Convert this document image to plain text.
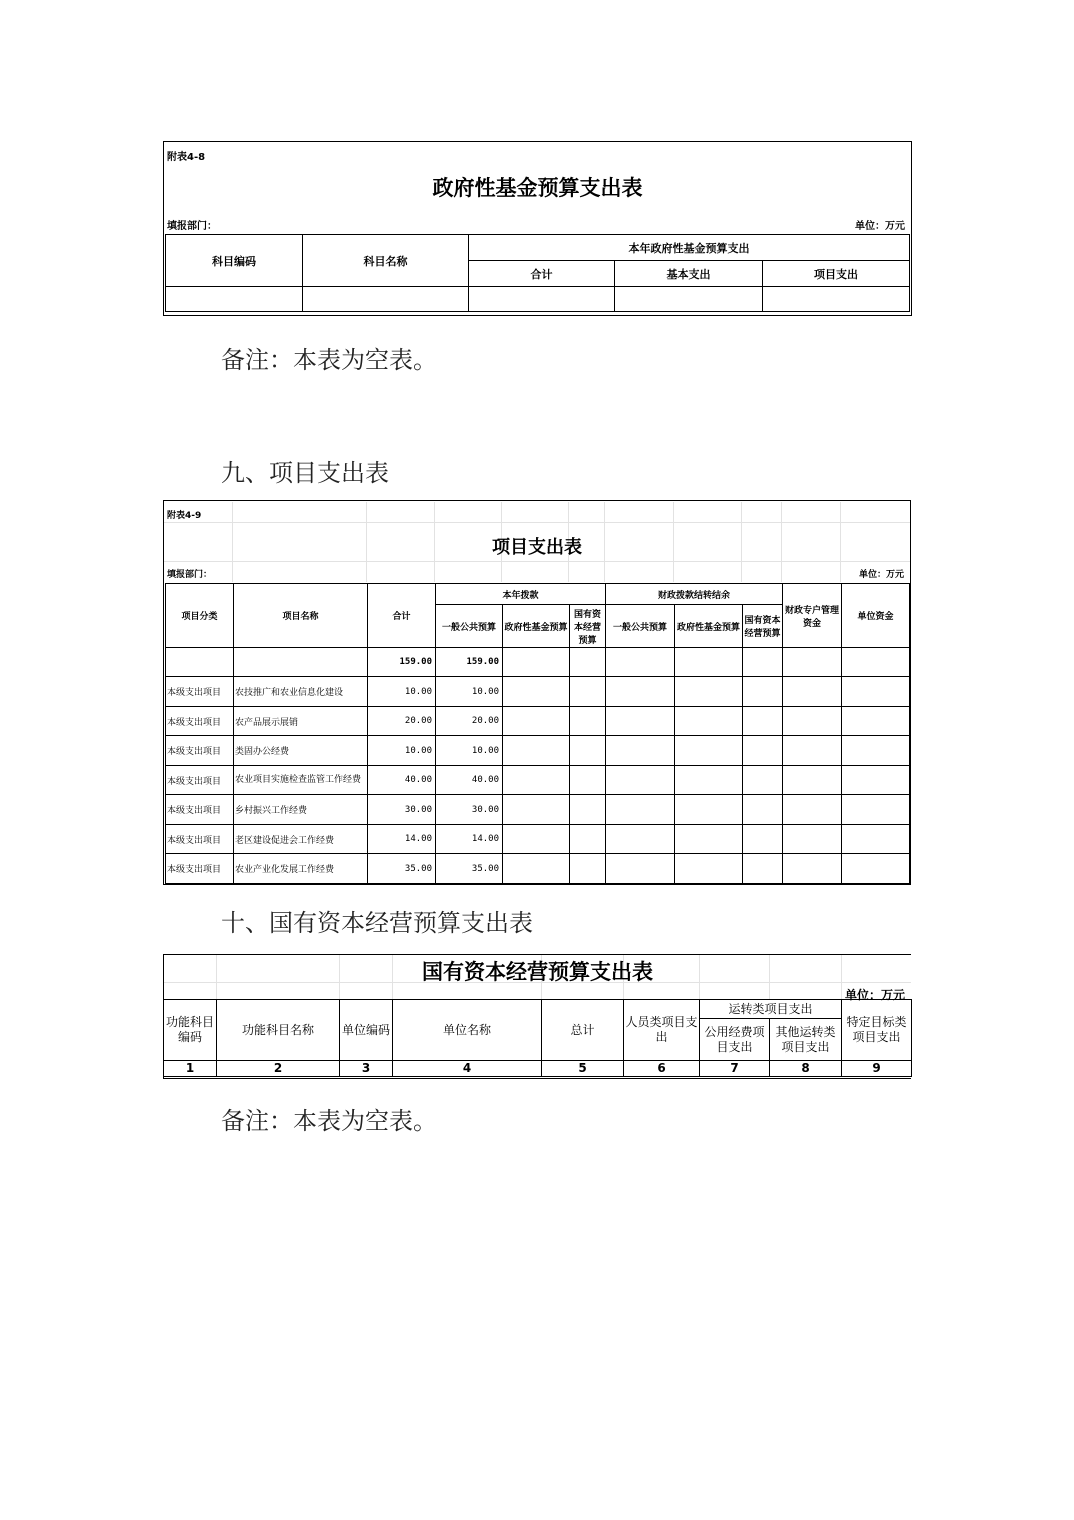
附表4-8
政府性基金预算支出表
填报部门：	单位：万元
科目编码	科目名称	本年政府性基金预算支出		
		合计	基本支出	项目支出

备注：本表为空表。
九、项目支出表
附表4-9
项目支出表
填报部门：	单位：万元
项目分类	项目名称	合计	本年拨款			财政拨款结转结余			财政专户管理资金	单位资金
			一般公共预算	政府性基金预算	国有资本经营预算	一般公共预算	政府性基金预算	国有资本经营预算		
		159.00	159.00							
本级支出项目	农技推广和农业信息化建设	10.00	10.00							
本级支出项目	农产品展示展销	20.00	20.00							
本级支出项目	类固办公经费	10.00	10.00							
本级支出项目	农业项目实施检查监管工作经费	40.00	40.00							
本级支出项目	乡村振兴工作经费	30.00	30.00							
本级支出项目	老区建设促进会工作经费	14.00	14.00							
本级支出项目	农业产业化发展工作经费	35.00	35.00							
十、国有资本经营预算支出表
国有资本经营预算支出表
单位：万元
功能科目编码	功能科目名称	单位编码	单位名称	总计	人员类项目支出	运转类项目支出		特定目标类项目支出
						公用经费项目支出	其他运转类项目支出	
1	2	3	4	5	6	7	8	9
备注：本表为空表。
